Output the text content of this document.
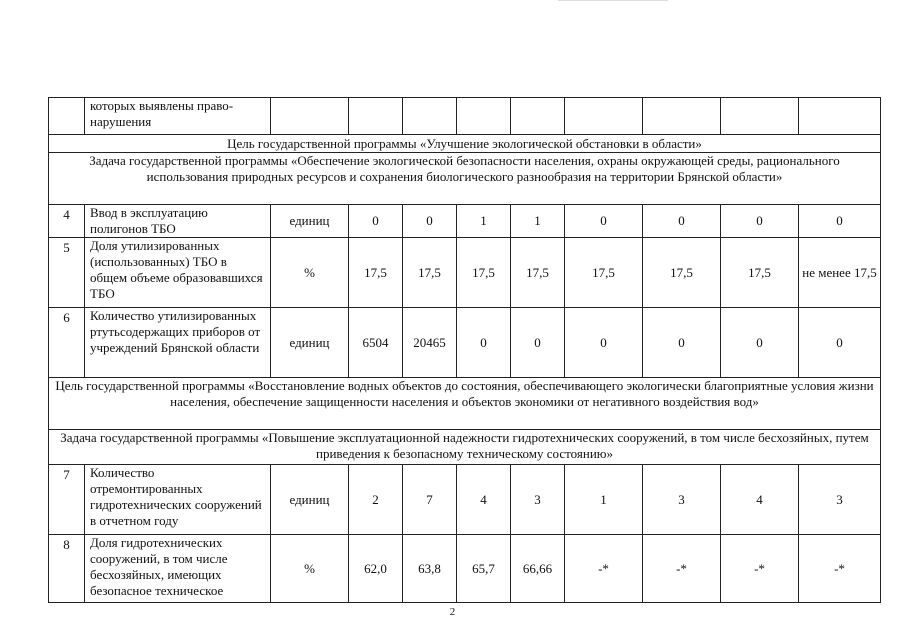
	которых выявлены право-нарушения									
Цель государственной программы «Улучшение экологической обстановки в области»										
Задача государственной программы «Обеспечение экологической безопасности населения, охраны окружающей среды, рационального использования природных ресурсов и сохранения биологического разнообразия на территории Брянской области»										
4	Ввод в эксплуатацию полигонов ТБО	единиц	0	0	1	1	0	0	0	0
5	Доля утилизированных (использованных) ТБО в общем объеме образовавшихся ТБО	%	17,5	17,5	17,5	17,5	17,5	17,5	17,5	не менее 17,5
6	Количество утилизированных ртутьсодержащих приборов от учреждений Брянской области	единиц	6504	20465	0	0	0	0	0	0
Цель государственной программы «Восстановление водных объектов до состояния, обеспечивающего экологически благоприятные условия жизни населения, обеспечение защищенности населения и объектов экономики от негативного воздействия вод»										
Задача государственной программы «Повышение эксплуатационной надежности гидротехнических сооружений, в том числе бесхозяйных, путем приведения к безопасному техническому состоянию»										
7	Количество отремонтированных гидротехнических сооружений в отчетном году	единиц	2	7	4	3	1	3	4	3
8	Доля гидротехнических сооружений, в том числе бесхозяйных, имеющих безопасное техническое	%	62,0	63,8	65,7	66,66	-*	-*	-*	-*
2
